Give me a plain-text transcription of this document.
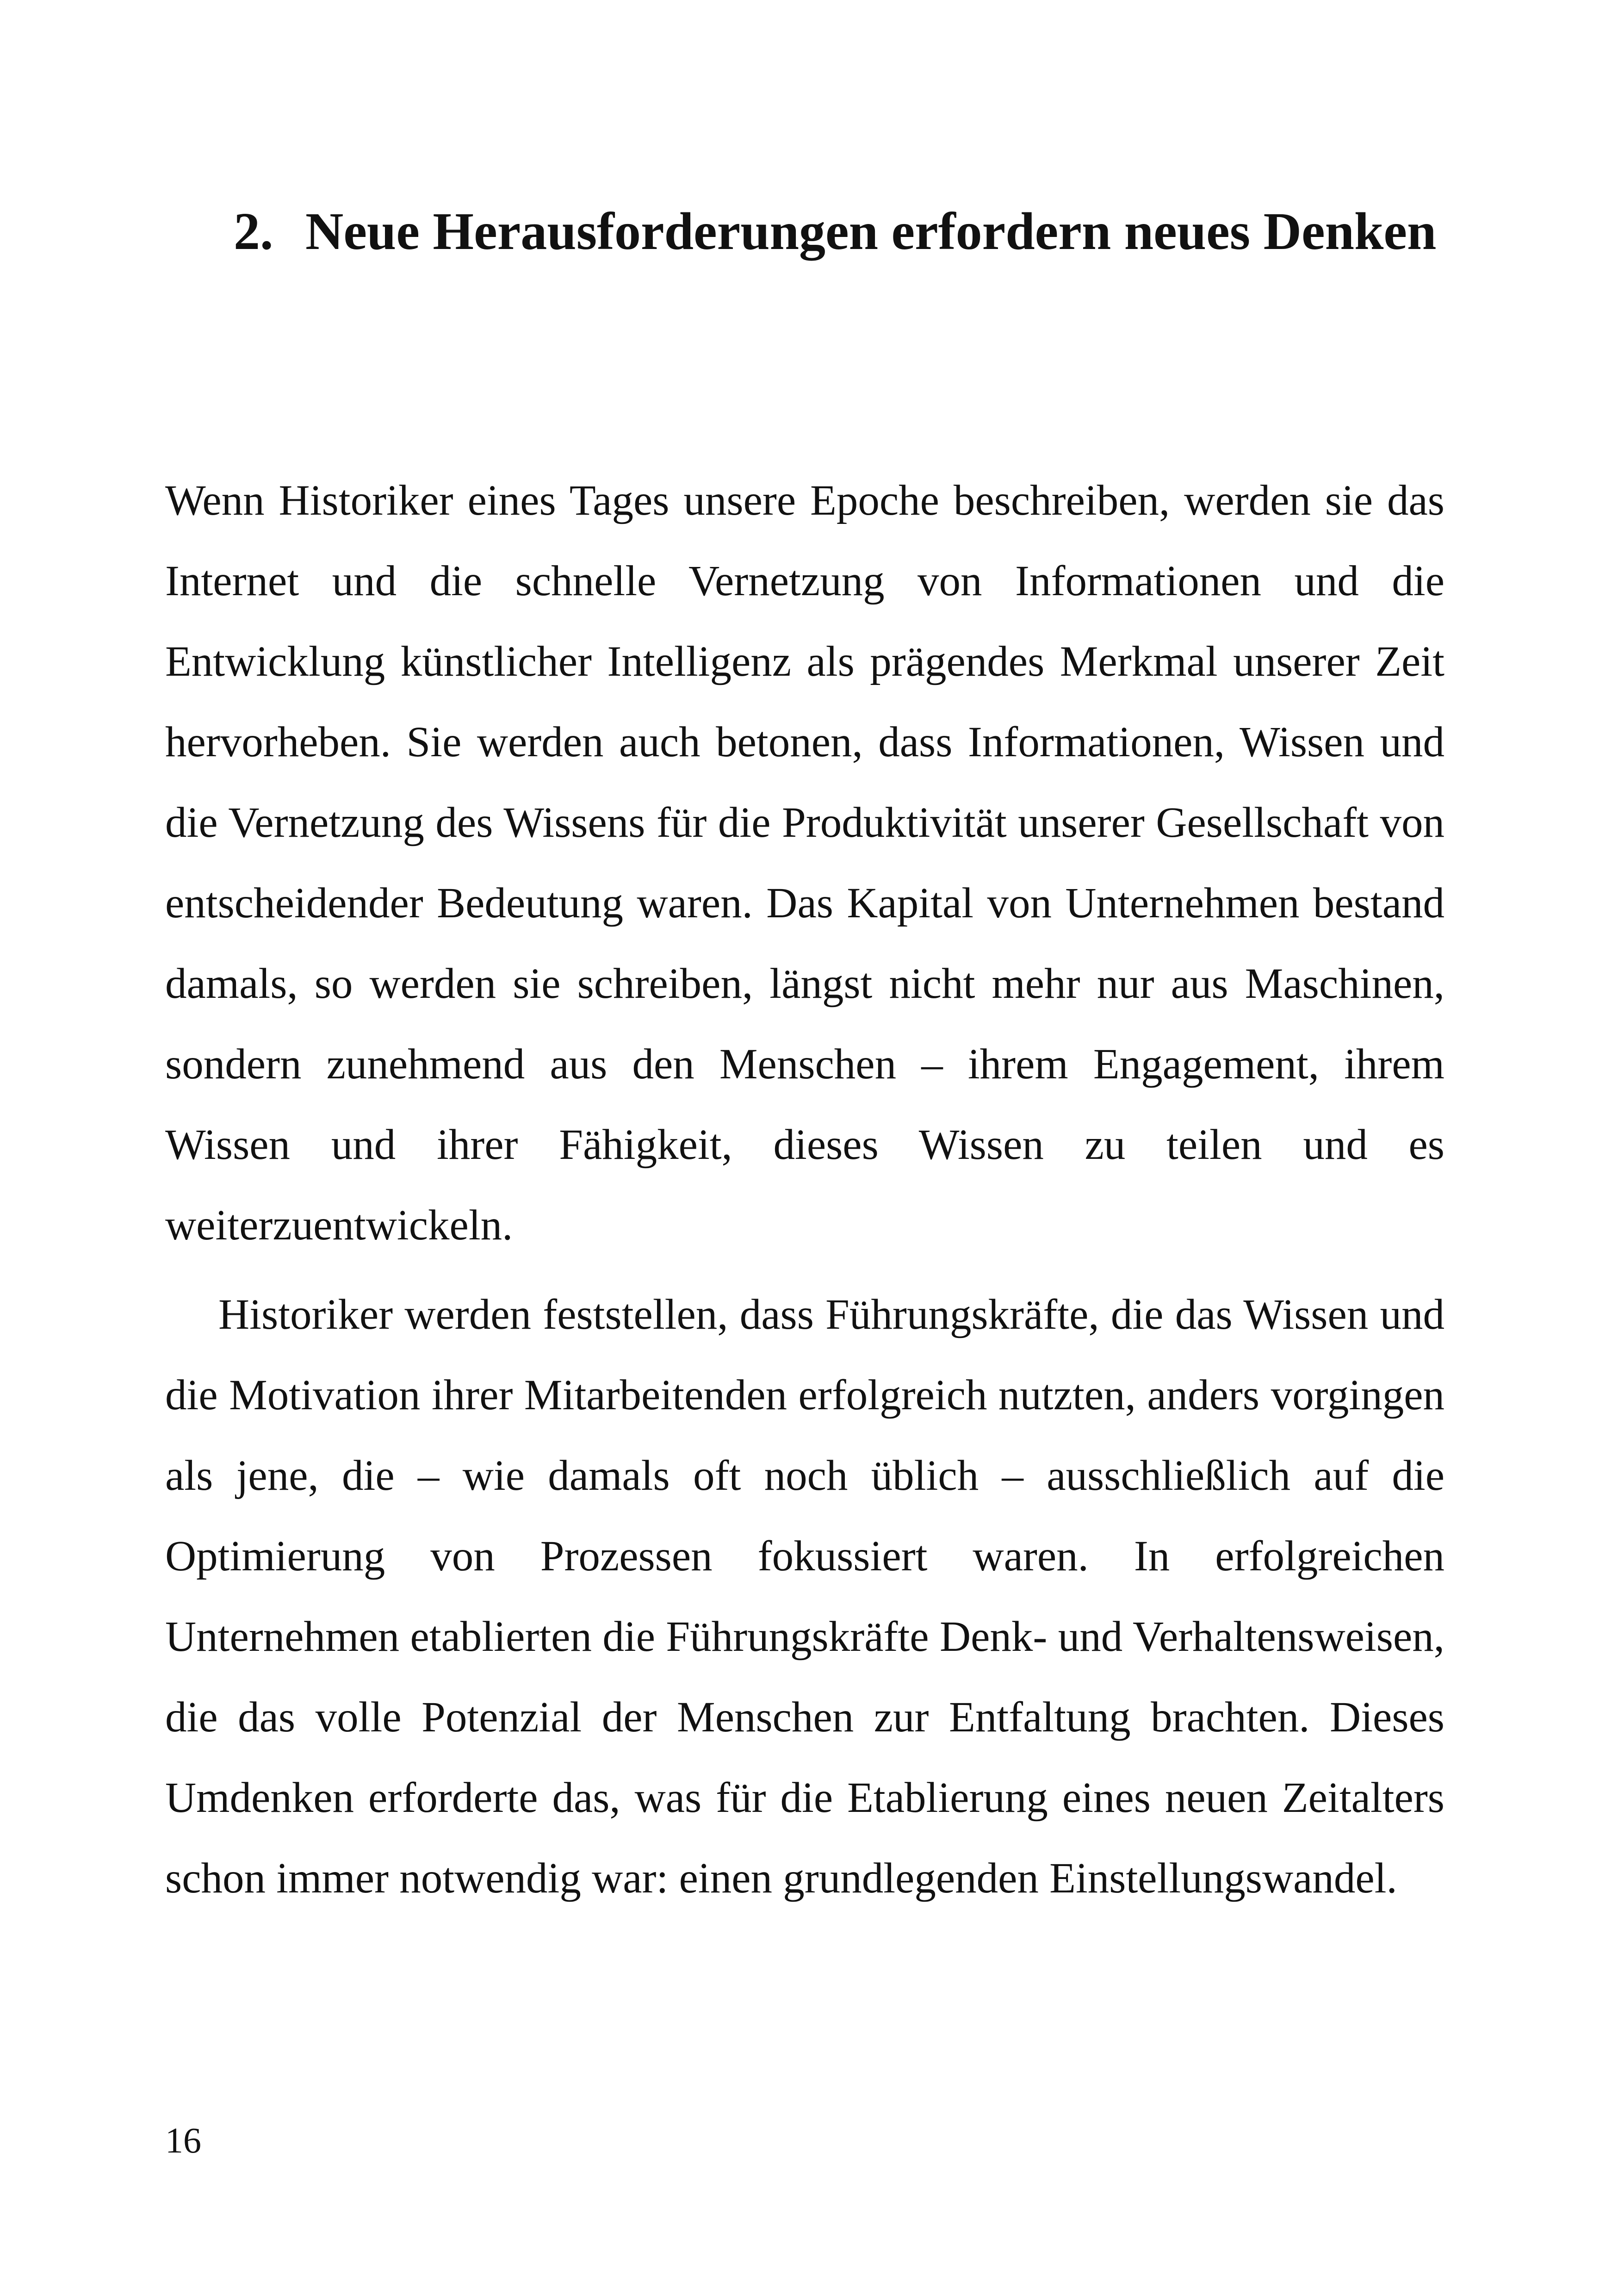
2. Neue Herausforderungen erfordern neues Denken

Wenn Historiker eines Tages unsere Epoche beschreiben, werden sie das Internet und die schnelle Vernetzung von Informationen und die Entwicklung künstlicher Intelligenz als prägendes Merkmal unserer Zeit hervorheben. Sie werden auch betonen, dass Informationen, Wissen und die Vernetzung des Wissens für die Produktivität unserer Gesellschaft von entscheidender Bedeutung waren. Das Kapital von Unternehmen bestand damals, so werden sie schreiben, längst nicht mehr nur aus Maschinen, sondern zunehmend aus den Menschen – ihrem Engagement, ihrem Wissen und ihrer Fähigkeit, dieses Wissen zu teilen und es weiterzuentwickeln.

Historiker werden feststellen, dass Führungskräfte, die das Wissen und die Motivation ihrer Mitarbeitenden erfolgreich nutzten, anders vorgingen als jene, die – wie damals oft noch üblich – ausschließlich auf die Optimierung von Prozessen fokussiert waren. In erfolgreichen Unternehmen etablierten die Führungskräfte Denk- und Verhaltensweisen, die das volle Potenzial der Menschen zur Entfaltung brachten. Dieses Umdenken erforderte das, was für die Etablierung eines neuen Zeitalters schon immer notwendig war: einen grundlegenden Einstellungswandel.

16
